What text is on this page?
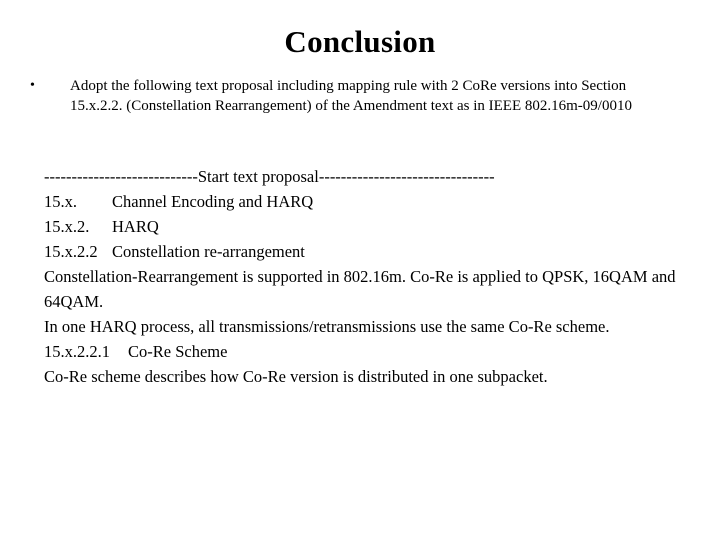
Conclusion
• Adopt the following text proposal including mapping rule with 2 CoRe versions into Section 15.x.2.2. (Constellation Rearrangement) of the Amendment text as in IEEE 802.16m-09/0010
----------------------------Start text proposal--------------------------------
15.x. Channel Encoding and HARQ
15.x.2. HARQ
15.x.2.2 Constellation re-arrangement
Constellation-Rearrangement is supported in 802.16m. Co-Re is applied to QPSK, 16QAM and 64QAM.
In one HARQ process, all transmissions/retransmissions use the same Co-Re scheme.
15.x.2.2.1 Co-Re Scheme
Co-Re scheme describes how Co-Re version is distributed in one subpacket.
